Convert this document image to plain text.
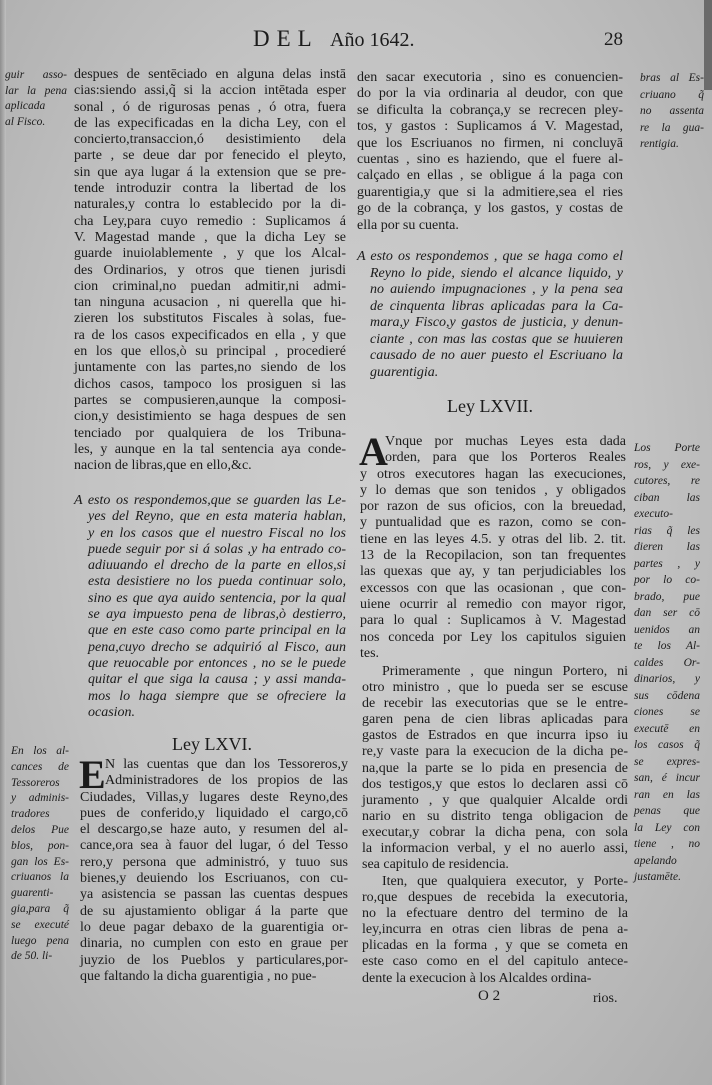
DEL Año 1642.	28
guir asso-
lar la pena
aplicada
al Fisco.
En los al-
cances de
Tessoreros
y adminis-
tradores
delos Pue
blos, pon-
gan los Es-
criuanos la
guarenti-
gia,para q̃
se executé
luego pena
de 50. li-
bras al Es-
criuano q̃
no assenta
re la gua-
rentigia.
Los Porte
ros, y exe-
cutores, re
ciban las
executo-
rias q̃ les
dieren las
partes , y
por lo co-
brado, pue
dan ser cō
uenidos an
te los Al-
caldes Or-
dinarios, y
sus cōdena
ciones se
executē en
los casos q̃
se expres-
san, é incur
ran en las
penas que
la Ley con
tiene , no
apelando
justamēte.
despues de sentēciado en alguna delas instā
cias:siendo assi,q̃ si la accion intētada esper
sonal , ó de rigurosas penas , ó otra, fuera
de las expecificadas en la dicha Ley, con el
concierto,transaccion,ó desistimiento dela
parte , se deue dar por fenecido el pleyto,
sin que aya lugar á la extension que se pre-
tende introduzir contra la libertad de los
naturales,y contra lo establecido por la di-
cha Ley,para cuyo remedio : Suplicamos á
V. Magestad mande , que la dicha Ley se
guarde inuiolablemente , y que los Alcal-
des Ordinarios, y otros que tienen jurisdi
cion criminal,no puedan admitir,ni admi-
tan ninguna acusacion , ni querella que hi-
zieren los substitutos Fiscales à solas, fue-
ra de los casos expecificados en ella , y que
en los que ellos,ò su principal , procedieré
juntamente con las partes,no siendo de los
dichos casos, tampoco los prosiguen si las
partes se compusieren,aunque la composi-
cion,y desistimiento se haga despues de sen
tenciado por qualquiera de los Tribuna-
les, y aunque en la tal sentencia aya conde-
nacion de libras,que en ello,&c.
A esto os respondemos,que se guarden las Le-
yes del Reyno, que en esta materia hablan,
y en los casos que el nuestro Fiscal no los
puede seguir por si á solas ,y ha entrado co-
adiuuando el drecho de la parte en ellos,si
esta desistiere no los pueda continuar solo,
sino es que aya auido sentencia, por la qual
se aya impuesto pena de libras,ò destierro,
que en este caso como parte principal en la
pena,cuyo drecho se adquirió al Fisco, aun
que reuocable por entonces , no se le puede
quitar el que siga la causa ; y assi manda-
mos lo haga siempre que se ofreciere la
ocasion.
Ley LXVI.
E N las cuentas que dan los Tessoreros,y
Administradores de los propios de las
Ciudades, Villas,y lugares deste Reyno,des
pues de conferido,y liquidado el cargo,cō
el descargo,se haze auto, y resumen del al-
cance,ora sea à fauor del lugar, ó del Tesso
rero,y persona que administró, y tuuo sus
bienes,y deuiendo los Escriuanos, con cu-
ya asistencia se passan las cuentas despues
de su ajustamiento obligar á la parte que
lo deue pagar debaxo de la guarentigia or-
dinaria, no cumplen con esto en graue per
juyzio de los Pueblos y particulares,por-
que faltando la dicha guarentigia , no pue-
den sacar executoria , sino es conuencien-
do por la via ordinaria al deudor, con que
se dificulta la cobrança,y se recrecen pley-
tos, y gastos : Suplicamos á V. Magestad,
que los Escriuanos no firmen, ni concluyā
cuentas , sino es haziendo, que el fuere al-
calçado en ellas , se obligue á la paga con
guarentigia,y que si la admitiere,sea el ries
go de la cobrança, y los gastos, y costas de
ella por su cuenta.
A esto os respondemos , que se haga como el
Reyno lo pide, siendo el alcance liquido, y
no auiendo impugnaciones , y la pena sea
de cinquenta libras aplicadas para la Ca-
mara,y Fisco,y gastos de justicia, y denun-
ciante , con mas las costas que se huuieren
causado de no auer puesto el Escriuano la
guarentigia.
Ley LXVII.
A
Vnque por muchas Leyes esta dada
orden, para que los Porteros Reales
y otros executores hagan las execuciones,
y lo demas que son tenidos , y obligados
por razon de sus oficios, con la breuedad,
y puntualidad que es razon, como se con-
tiene en las leyes 4.5. y otras del lib. 2. tit.
13 de la Recopilacion, son tan frequentes
las quexas que ay, y tan perjudiciables los
excessos con que las ocasionan , que con-
uiene ocurrir al remedio con mayor rigor,
para lo qual : Suplicamos à V. Magestad
nos conceda por Ley los capitulos siguien
tes.
Primeramente , que ningun Portero, ni
otro ministro , que lo pueda ser se escuse
de recebir las executorias que se le entre-
garen pena de cien libras aplicadas para
gastos de Estrados en que incurra ipso iu
re,y vaste para la execucion de la dicha pe-
na,que la parte se lo pida en presencia de
dos testigos,y que estos lo declaren assi cō
juramento , y que qualquier Alcalde ordi
nario en su distrito tenga obligacion de
executar,y cobrar la dicha pena, con sola
la informacion verbal, y el no auerlo assi,
sea capitulo de residencia.
Iten, que qualquiera executor, y Porte-
ro,que despues de recebida la executoria,
no la efectuare dentro del termino de la
ley,incurra en otras cien libras de pena a-
plicadas en la forma , y que se cometa en
este caso como en el del capitulo antece-
dente la execucion à los Alcaldes ordina-
O 2	rios.
